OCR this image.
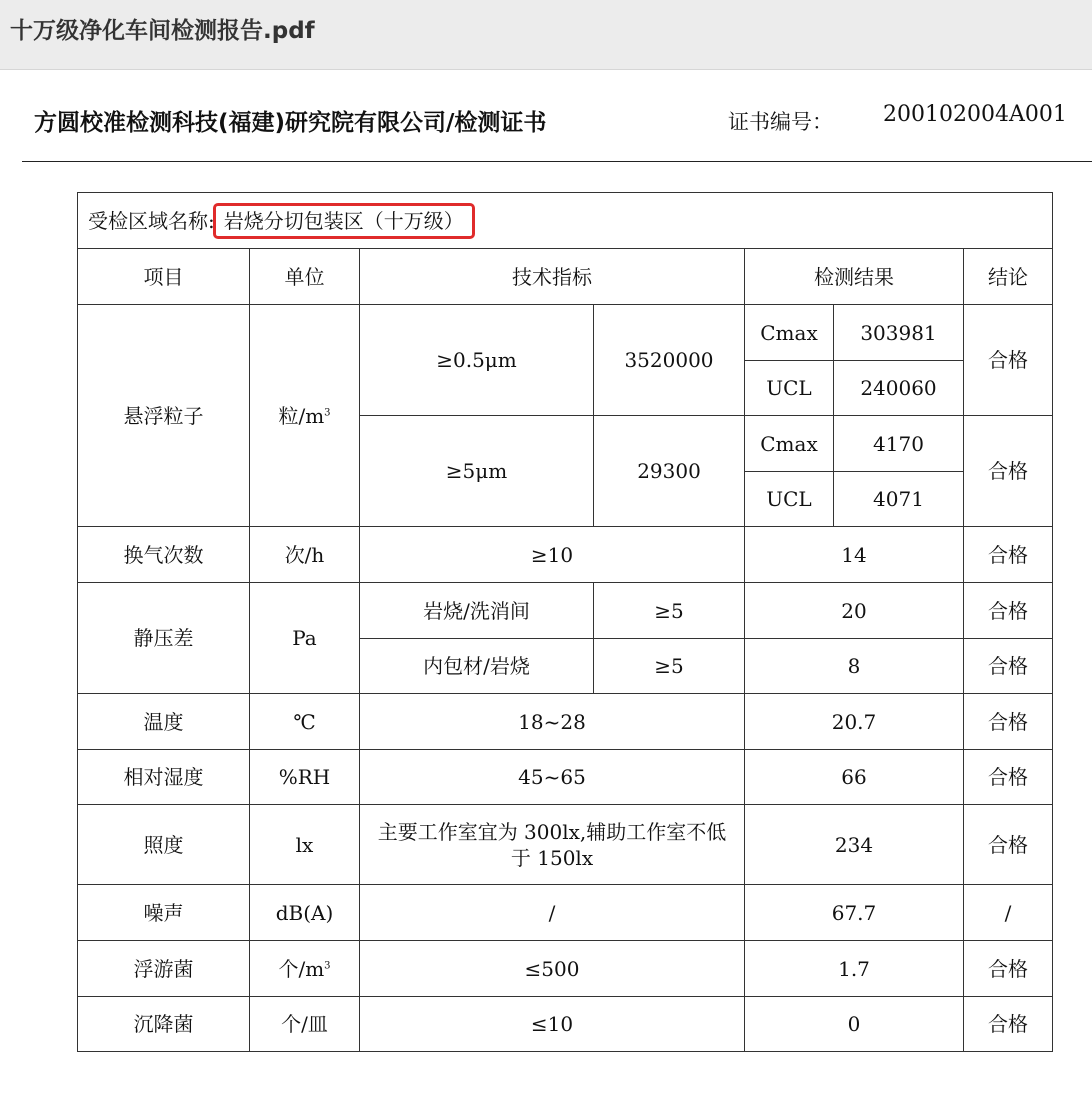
十万级净化车间检测报告.pdf
方圆校准检测科技(福建)研究院有限公司/检测证书	证书编号： 200102004A001
受检区域名称: 岩烧分切包装区（十万级）						
项目	单位	技术指标		检测结果		结论
悬浮粒子	粒$/m^3$	≥0.5μm	3520000	Cmax	303981	合格
				UCL	240060	
		≥5μm	29300	Cmax	4170	合格
				UCL	4071	
换气次数	次/h	≥10		14		合格
静压差	Pa	岩烧/洗消间	≥5	20		合格
		内包材/岩烧	≥5	8		合格
温度	℃	18~28		20.7		合格
相对湿度	%RH	45~65		66		合格
照度	lx	主要工作室宜为 300lx,辅助工作室不低于 150lx		234		合格
噪声	dB(A)	/		67.7		/
浮游菌	个$/m^3$	≤500		1.7		合格
沉降菌	个/皿	≤10		0		合格
